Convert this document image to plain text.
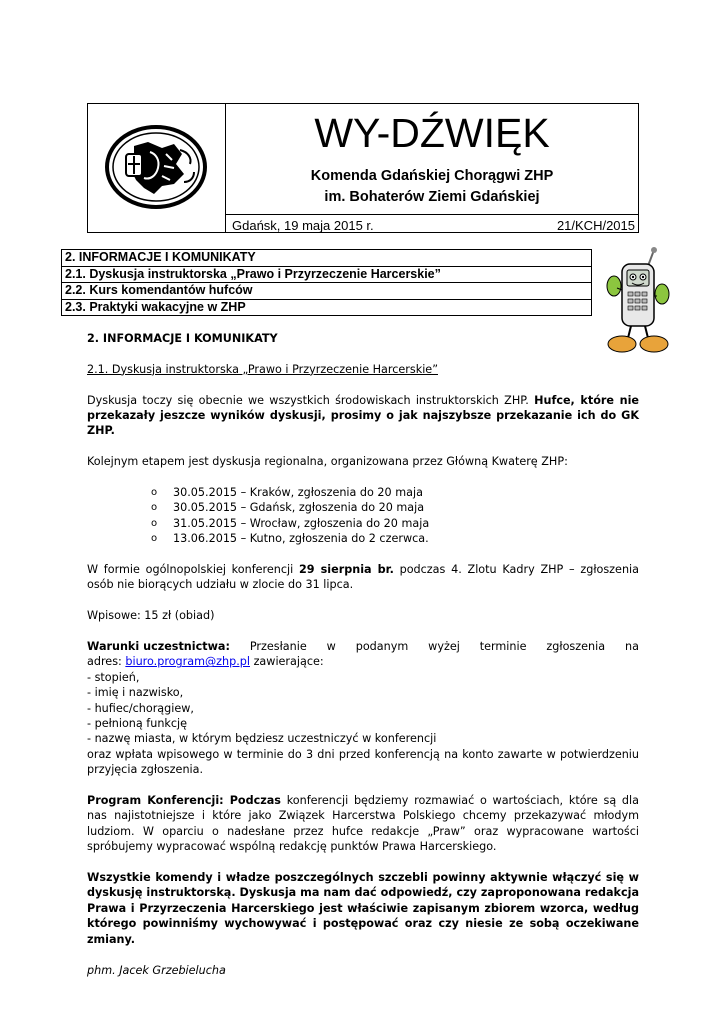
WY-DŹWIĘK
Komenda Gdańskiej Chorągwi ZHP
im. Bohaterów Ziemi Gdańskiej
Gdańsk, 19 maja 2015 r.	21/KCH/2015
2. INFORMACJE I KOMUNIKATY
2.1. Dyskusja instruktorska „Prawo i Przyrzeczenie Harcerskie”
2.2. Kurs komendantów hufców
2.3. Praktyki wakacyjne w ZHP

2. INFORMACJE I KOMUNIKATY

2.1. Dyskusja instruktorska „Prawo i Przyrzeczenie Harcerskie”

Dyskusja toczy się obecnie we wszystkich środowiskach instruktorskich ZHP. Hufce, które nie przekazały jeszcze wyników dyskusji, prosimy o jak najszybsze przekazanie ich do GK ZHP.

Kolejnym etapem jest dyskusja regionalna, organizowana przez Główną Kwaterę ZHP:

o 30.05.2015 – Kraków, zgłoszenia do 20 maja
o 30.05.2015 – Gdańsk, zgłoszenia do 20 maja
o 31.05.2015 – Wrocław, zgłoszenia do 20 maja
o 13.06.2015 – Kutno, zgłoszenia do 2 czerwca.

W formie ogólnopolskiej konferencji 29 sierpnia br. podczas 4. Zlotu Kadry ZHP – zgłoszenia osób nie biorących udziału w zlocie do 31 lipca.

Wpisowe: 15 zł (obiad)

Warunki uczestnictwa: Przesłanie w podanym wyżej terminie zgłoszenia na

adres: biuro.program@zhp.pl zawierające:

- stopień,

- imię i nazwisko,

- hufiec/chorągiew,

- pełnioną funkcję

- nazwę miasta, w którym będziesz uczestniczyć w konferencji

oraz wpłata wpisowego w terminie do 3 dni przed konferencją na konto zawarte w potwierdzeniu przyjęcia zgłoszenia.

Program Konferencji: Podczas konferencji będziemy rozmawiać o wartościach, które są dla nas najistotniejsze i które jako Związek Harcerstwa Polskiego chcemy przekazywać młodym ludziom. W oparciu o nadesłane przez hufce redakcje „Praw” oraz wypracowane wartości spróbujemy wypracować wspólną redakcję punktów Prawa Harcerskiego.

Wszystkie komendy i władze poszczególnych szczebli powinny aktywnie włączyć się w dyskusję instruktorską. Dyskusja ma nam dać odpowiedź, czy zaproponowana redakcja Prawa i Przyrzeczenia Harcerskiego jest właściwie zapisanym zbiorem wzorca, według którego powinniśmy wychowywać i postępować oraz czy niesie ze sobą oczekiwane zmiany.

phm. Jacek Grzebielucha
